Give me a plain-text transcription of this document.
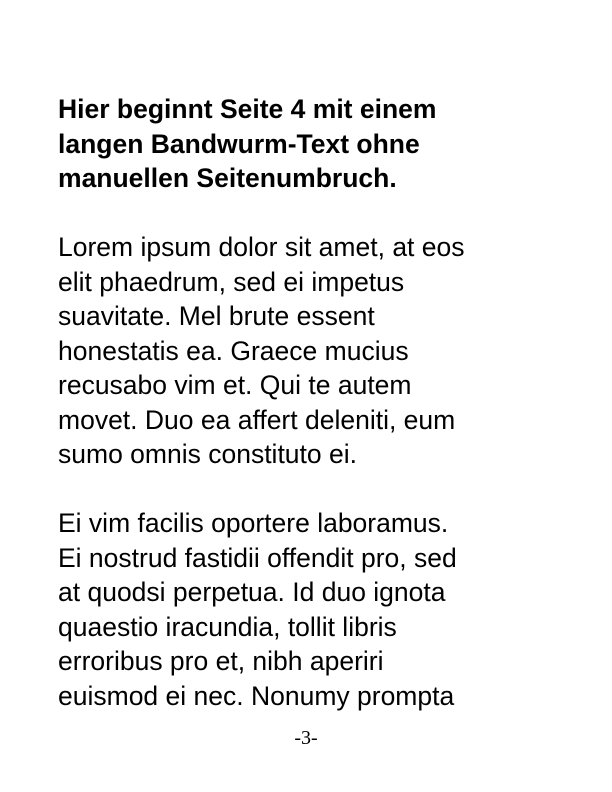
Hier beginnt Seite 4 mit einem
langen Bandwurm-Text ohne
manuellen Seitenumbruch.

Lorem ipsum dolor sit amet, at eos
elit phaedrum, sed ei impetus
suavitate. Mel brute essent
honestatis ea. Graece mucius
recusabo vim et. Qui te autem
movet. Duo ea affert deleniti, eum
sumo omnis constituto ei.

Ei vim facilis oportere laboramus.
Ei nostrud fastidii offendit pro, sed
at quodsi perpetua. Id duo ignota
quaestio iracundia, tollit libris
erroribus pro et, nibh aperiri
euismod ei nec. Nonumy prompta

-3-
